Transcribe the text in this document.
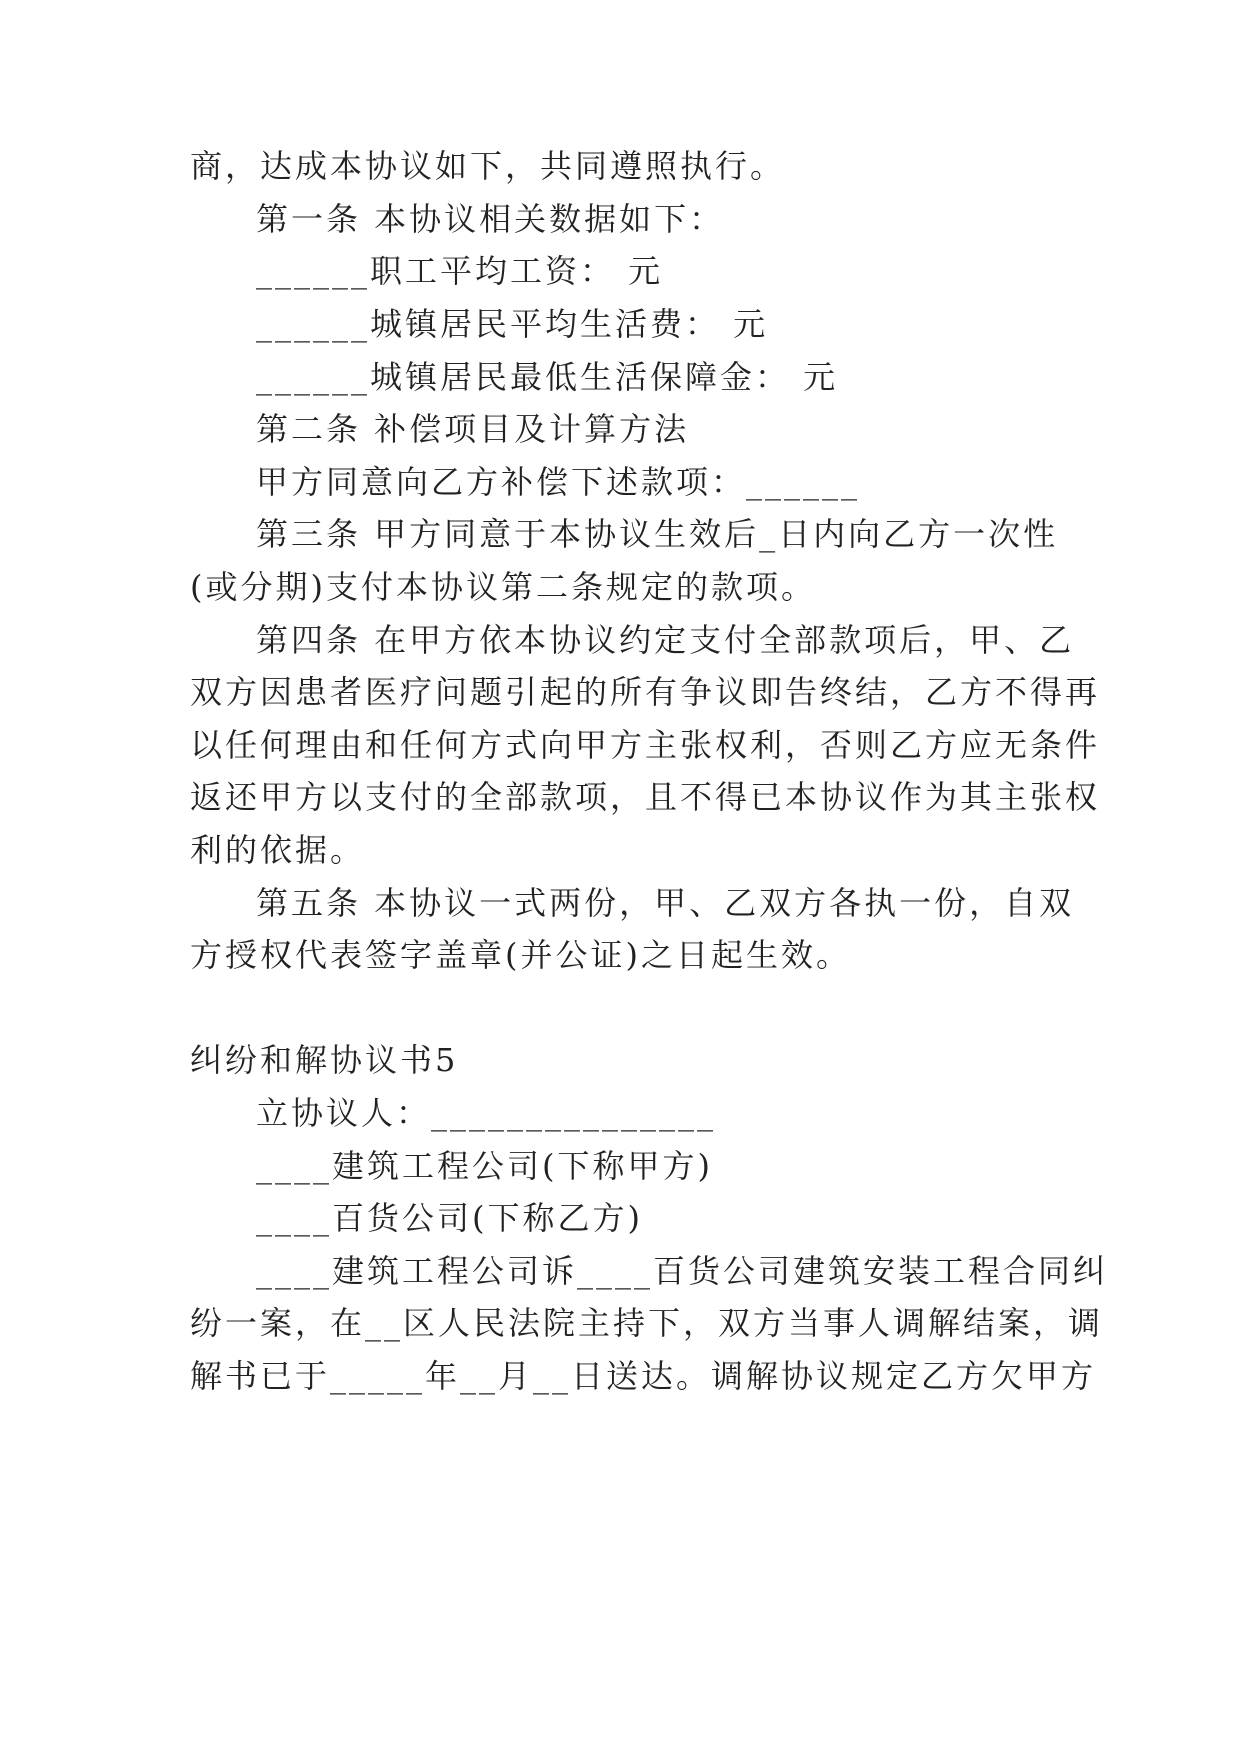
商，达成本协议如下，共同遵照执行。
第一条 本协议相关数据如下：
______职工平均工资： 元
______城镇居民平均生活费： 元
______城镇居民最低生活保障金： 元
第二条 补偿项目及计算方法
甲方同意向乙方补偿下述款项：______
第三条 甲方同意于本协议生效后_日内向乙方一次性
(或分期)支付本协议第二条规定的款项。
第四条 在甲方依本协议约定支付全部款项后，甲、乙
双方因患者医疗问题引起的所有争议即告终结，乙方不得再
以任何理由和任何方式向甲方主张权利，否则乙方应无条件
返还甲方以支付的全部款项，且不得已本协议作为其主张权
利的依据。
第五条 本协议一式两份，甲、乙双方各执一份，自双
方授权代表签字盖章(并公证)之日起生效。
纠纷和解协议书5
立协议人：_______________
____建筑工程公司(下称甲方)
____百货公司(下称乙方)
____建筑工程公司诉____百货公司建筑安装工程合同纠
纷一案，在__区人民法院主持下，双方当事人调解结案，调
解书已于_____年__月__日送达。调解协议规定乙方欠甲方
